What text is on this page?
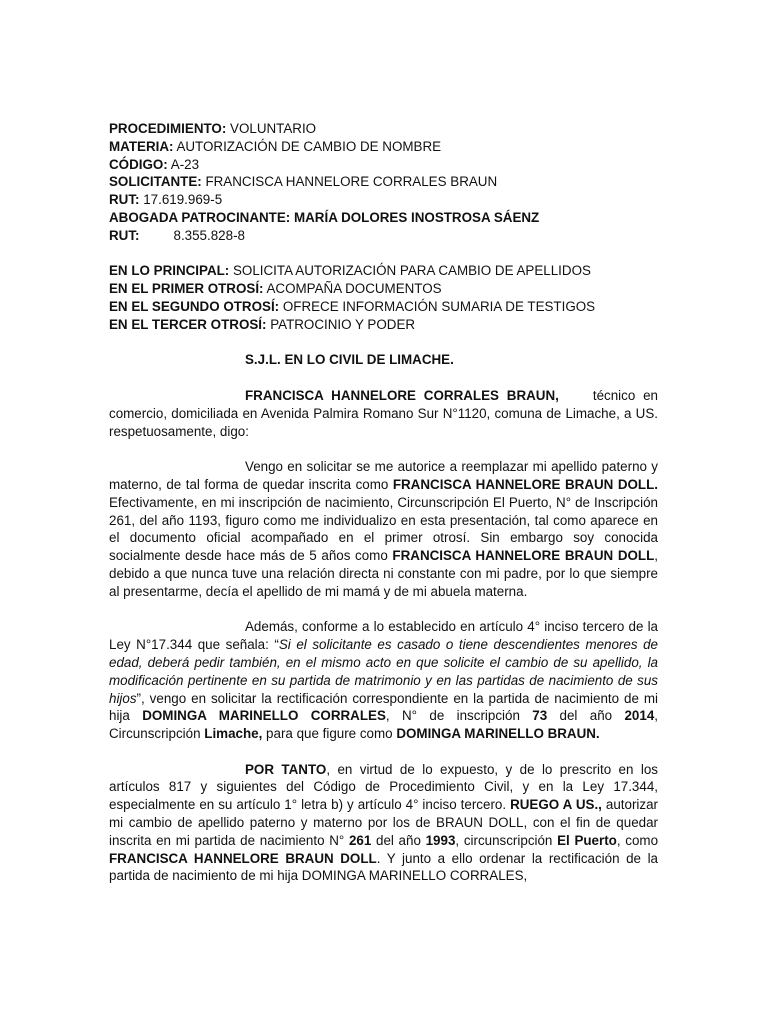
PROCEDIMIENTO: VOLUNTARIO
MATERIA: AUTORIZACIÓN DE CAMBIO DE NOMBRE
CÓDIGO: A-23
SOLICITANTE: FRANCISCA HANNELORE CORRALES BRAUN
RUT: 17.619.969-5
ABOGADA PATROCINANTE: MARÍA DOLORES INOSTROSA SÁENZ
RUT:	8.355.828-8
EN LO PRINCIPAL: SOLICITA AUTORIZACIÓN PARA CAMBIO DE APELLIDOS
EN EL PRIMER OTROSÍ: ACOMPAÑA DOCUMENTOS
EN EL SEGUNDO OTROSÍ: OFRECE INFORMACIÓN SUMARIA DE TESTIGOS
EN EL TERCER OTROSÍ: PATROCINIO Y PODER
S.J.L. EN LO CIVIL DE LIMACHE.
FRANCISCA HANNELORE CORRALES BRAUN,	técnico en comercio, domiciliada en Avenida Palmira Romano Sur N°1120, comuna de Limache, a US. respetuosamente, digo:
Vengo en solicitar se me autorice a reemplazar mi apellido paterno y materno, de tal forma de quedar inscrita como FRANCISCA HANNELORE BRAUN DOLL. Efectivamente, en mi inscripción de nacimiento, Circunscripción El Puerto, N° de Inscripción 261, del año 1193, figuro como me individualizo en esta presentación, tal como aparece en el documento oficial acompañado en el primer otrosí. Sin embargo soy conocida socialmente desde hace más de 5 años como FRANCISCA HANNELORE BRAUN DOLL, debido a que nunca tuve una relación directa ni constante con mi padre, por lo que siempre al presentarme, decía el apellido de mi mamá y de mi abuela materna.
Además, conforme a lo establecido en artículo 4° inciso tercero de la Ley N°17.344 que señala: “Si el solicitante es casado o tiene descendientes menores de edad, deberá pedir también, en el mismo acto en que solicite el cambio de su apellido, la modificación pertinente en su partida de matrimonio y en las partidas de nacimiento de sus hijos”, vengo en solicitar la rectificación correspondiente en la partida de nacimiento de mi hija DOMINGA MARINELLO CORRALES, N° de inscripción 73 del año 2014, Circunscripción Limache, para que figure como DOMINGA MARINELLO BRAUN.
POR TANTO, en virtud de lo expuesto, y de lo prescrito en los artículos 817 y siguientes del Código de Procedimiento Civil, y en la Ley 17.344, especialmente en su artículo 1° letra b) y artículo 4° inciso tercero. RUEGO A US., autorizar mi cambio de apellido paterno y materno por los de BRAUN DOLL, con el fin de quedar inscrita en mi partida de nacimiento N° 261 del año 1993, circunscripción El Puerto, como FRANCISCA HANNELORE BRAUN DOLL. Y junto a ello ordenar la rectificación de la partida de nacimiento de mi hija DOMINGA MARINELLO CORRALES,
